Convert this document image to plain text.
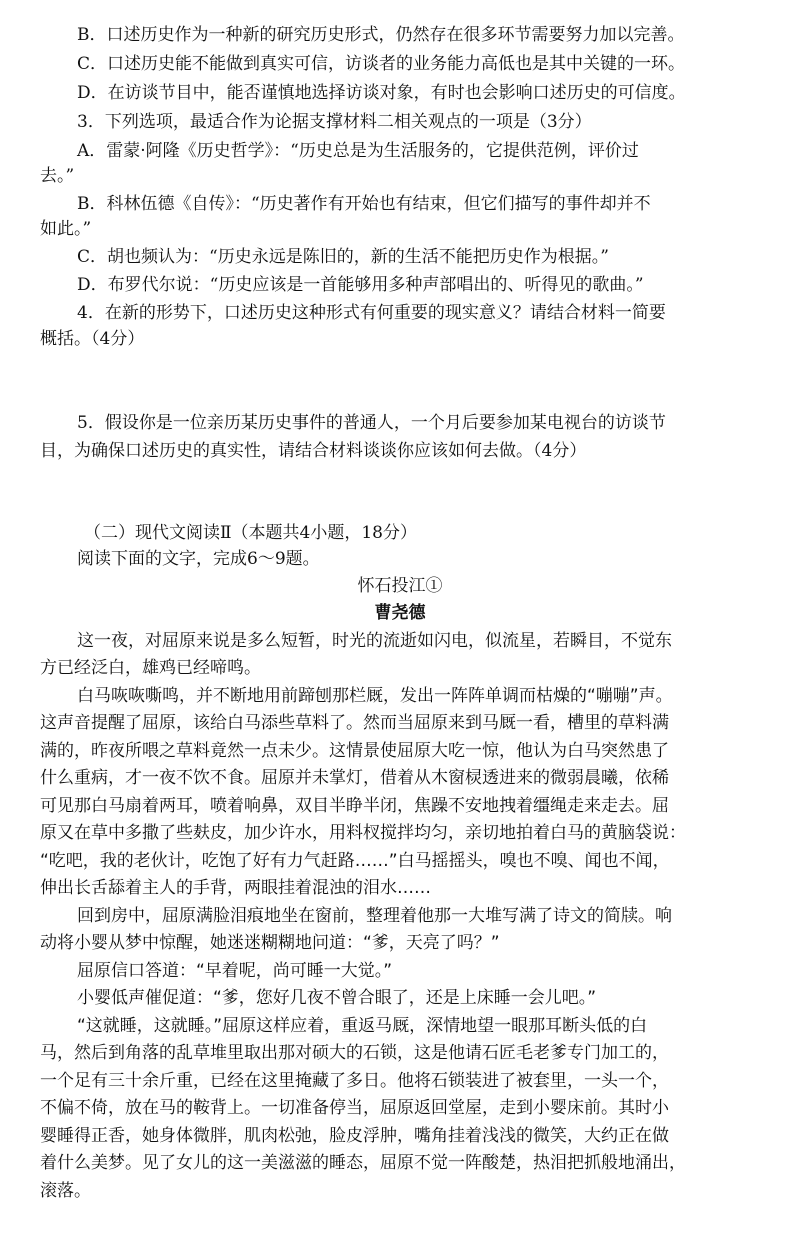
B．口述历史作为一种新的研究历史形式，仍然存在很多环节需要努力加以完善。
C．口述历史能不能做到真实可信，访谈者的业务能力高低也是其中关键的一环。
D．在访谈节目中，能否谨慎地选择访谈对象，有时也会影响口述历史的可信度。
3．下列选项，最适合作为论据支撑材料二相关观点的一项是（3分）
A．雷蒙·阿隆《历史哲学》：“历史总是为生活服务的，它提供范例，评价过
去。”
B．科林伍德《自传》：“历史著作有开始也有结束，但它们描写的事件却并不
如此。”
C．胡也频认为：“历史永远是陈旧的，新的生活不能把历史作为根据。”
D．布罗代尔说：“历史应该是一首能够用多种声部唱出的、听得见的歌曲。”
4．在新的形势下，口述历史这种形式有何重要的现实意义？请结合材料一简要
概括。（4分）
5．假设你是一位亲历某历史事件的普通人，一个月后要参加某电视台的访谈节
目，为确保口述历史的真实性，请结合材料谈谈你应该如何去做。（4分）
（二）现代文阅读Ⅱ（本题共4小题，18分）
阅读下面的文字，完成6～9题。
怀石投江①
曹尧德
这一夜，对屈原来说是多么短暂，时光的流逝如闪电，似流星，若瞬目，不觉东
方已经泛白，雄鸡已经啼鸣。
白马咴咴嘶鸣，并不断地用前蹄刨那栏厩，发出一阵阵单调而枯燥的“嘣嘣”声。
这声音提醒了屈原，该给白马添些草料了。然而当屈原来到马厩一看，槽里的草料满
满的，昨夜所喂之草料竟然一点未少。这情景使屈原大吃一惊，他认为白马突然患了
什么重病，才一夜不饮不食。屈原并未掌灯，借着从木窗棂透进来的微弱晨曦，依稀
可见那白马扇着两耳，喷着响鼻，双目半睁半闭，焦躁不安地拽着缰绳走来走去。屈
原又在草中多撒了些麸皮，加少许水，用料杈搅拌均匀，亲切地拍着白马的黄脑袋说：
“吃吧，我的老伙计，吃饱了好有力气赶路……”白马摇摇头，嗅也不嗅、闻也不闻，
伸出长舌舔着主人的手背，两眼挂着混浊的泪水……
回到房中，屈原满脸泪痕地坐在窗前，整理着他那一大堆写满了诗文的简牍。响
动将小婴从梦中惊醒，她迷迷糊糊地问道：“爹，天亮了吗？”
屈原信口答道：“早着呢，尚可睡一大觉。”
小婴低声催促道：“爹，您好几夜不曾合眼了，还是上床睡一会儿吧。”
“这就睡，这就睡。”屈原这样应着，重返马厩，深情地望一眼那耳断头低的白
马，然后到角落的乱草堆里取出那对硕大的石锁，这是他请石匠毛老爹专门加工的，
一个足有三十余斤重，已经在这里掩藏了多日。他将石锁装进了被套里，一头一个，
不偏不倚，放在马的鞍背上。一切准备停当，屈原返回堂屋，走到小婴床前。其时小
婴睡得正香，她身体微胖，肌肉松弛，脸皮浮肿，嘴角挂着浅浅的微笑，大约正在做
着什么美梦。见了女儿的这一美滋滋的睡态，屈原不觉一阵酸楚，热泪把抓般地涌出，
滚落。
